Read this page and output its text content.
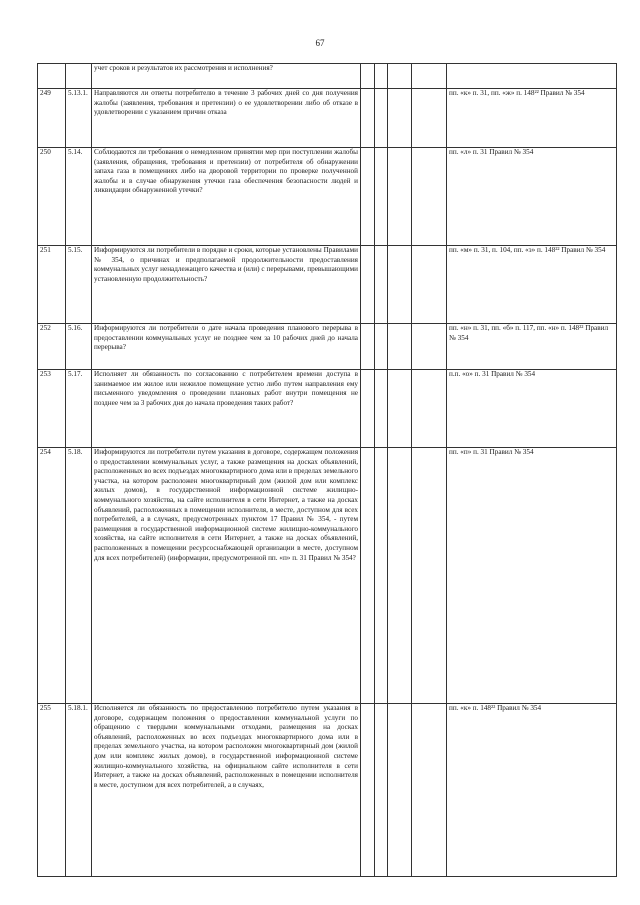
67
		учет сроков и результатов их рассмотрения и исполнения?					
249	5.13.1.	Направляются ли ответы потребителю в течение 3 рабочих дней со дня получения жалобы (заявления, требования и претензии) о ее удовлетворении либо об отказе в удовлетворении с указанием причин отказа					пп. «к» п. 31, пп. «ж» п. 148²² Правил № 354
250	5.14.	Соблюдаются ли требования о немедленном принятии мер при поступлении жалобы (заявления, обращения, требования и претензии) от потребителя об обнаружении запаха газа в помещениях либо на дворовой территории по проверке полученной жалобы и в случае обнаружения утечки газа обеспечения безопасности людей и ликвидации обнаруженной утечки?					пп. «л» п. 31 Правил № 354
251	5.15.	Информируются ли потребители в порядке и сроки, которые установлены Правилами № 354, о причинах и предполагаемой продолжительности предоставления коммунальных услуг ненадлежащего качества и (или) с перерывами, превышающими установленную продолжительность?					пп. «м» п. 31, п. 104, пп. «з» п. 148²² Правил № 354
252	5.16.	Информируются ли потребители о дате начала проведения планового перерыва в предоставлении коммунальных услуг не позднее чем за 10 рабочих дней до начала перерыва?					пп. «н» п. 31, пп. «б» п. 117, пп. «н» п. 148²² Правил № 354
253	5.17.	Исполняет ли обязанность по согласованию с потребителем времени доступа в занимаемое им жилое или нежилое помещение устно либо путем направления ему письменного уведомления о проведении плановых работ внутри помещения не позднее чем за 3 рабочих дня до начала проведения таких работ?					п.п. «о» п. 31 Правил № 354
254	5.18.	Информируются ли потребители путем указания в договоре, содержащем положения о предоставлении коммунальных услуг, а также размещения на досках объявлений, расположенных во всех подъездах многоквартирного дома или в пределах земельного участка, на котором расположен многоквартирный дом (жилой дом или комплекс жилых домов), в государственной информационной системе жилищно-коммунального хозяйства, на сайте исполнителя в сети Интернет, а также на досках объявлений, расположенных в помещении исполнителя, в месте, доступном для всех потребителей, а в случаях, предусмотренных пунктом 17 Правил № 354, - путем размещения в государственной информационной системе жилищно-коммунального хозяйства, на сайте исполнителя в сети Интернет, а также на досках объявлений, расположенных в помещении ресурсоснабжающей организации в месте, доступном для всех потребителей) (информации, предусмотренной пп. «п» п. 31 Правил № 354?					пп. «п» п. 31 Правил № 354
255	5.18.1.	Исполняется ли обязанность по предоставлению потребителю путем указания в договоре, содержащем положения о предоставлении коммунальной услуги по обращению с твердыми коммунальными отходами, размещения на досках объявлений, расположенных во всех подъездах многоквартирного дома или в пределах земельного участка, на котором расположен многоквартирный дом (жилой дом или комплекс жилых домов), в государственной информационной системе жилищно-коммунального хозяйства, на официальном сайте исполнителя в сети Интернет, а также на досках объявлений, расположенных в помещении исполнителя в месте, доступном для всех потребителей, а в случаях,					пп. «к» п. 148²² Правил № 354
